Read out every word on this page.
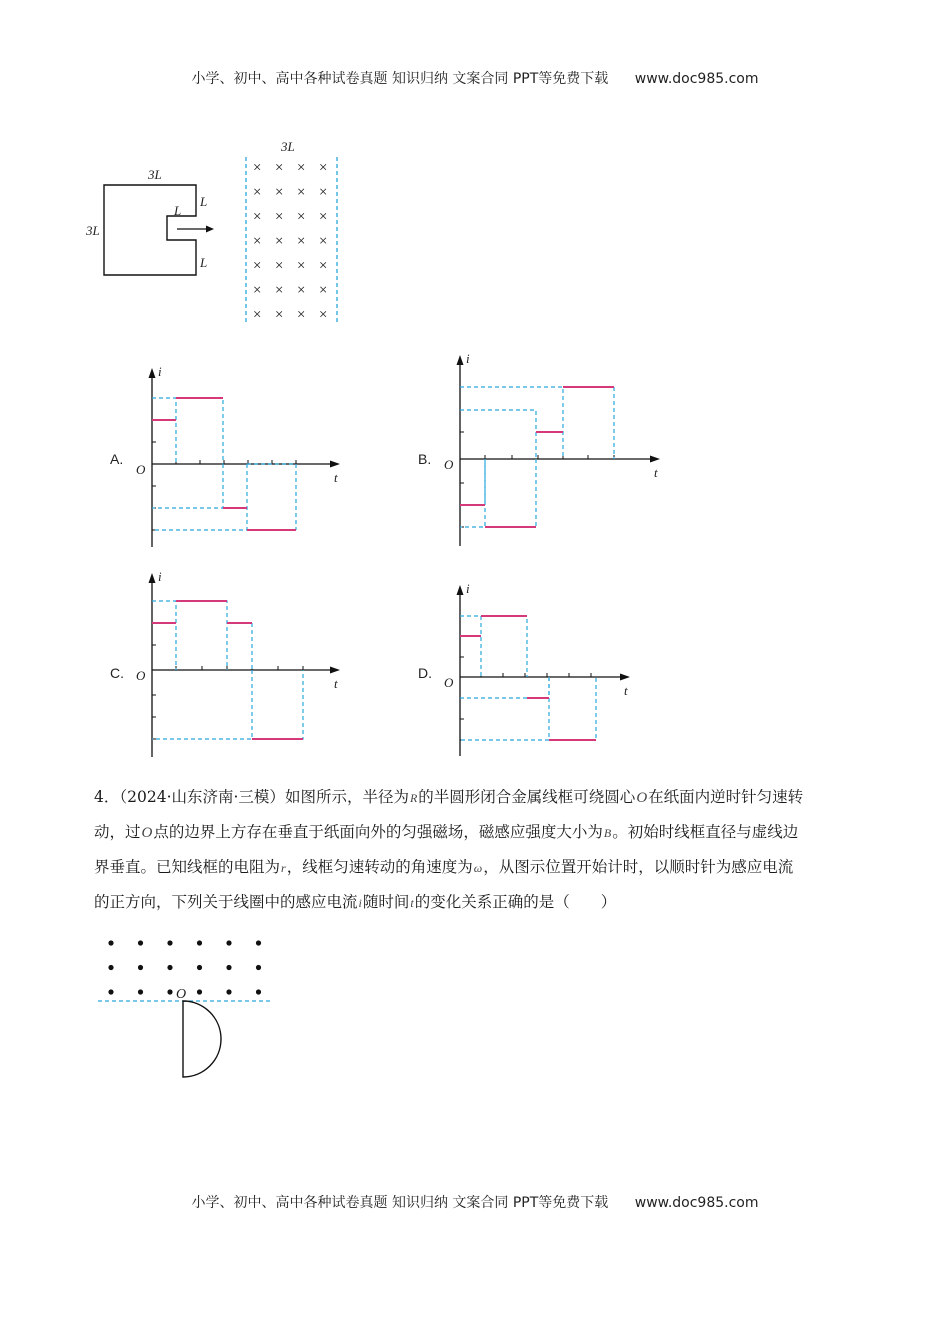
小学、初中、高中各种试卷真题 知识归纳 文案合同 PPT等免费下载 www.doc985.com
3L
3L
L
L
L
3L
× × × ×
× × × ×
× × × ×
× × × ×
× × × ×
× × × ×
× × × ×
A.
i
t
O
B.
i
t
O
C.
i
t
O	D.
i
t
O
4．（2024·山东济南·三模）如图所示，半径为R的半圆形闭合金属线框可绕圆心O在纸面内逆时针匀速转
动，过O点的边界上方存在垂直于纸面向外的匀强磁场，磁感应强度大小为B。初始时线框直径与虚线边
界垂直。已知线框的电阻为r，线框匀速转动的角速度为ω，从图示位置开始计时，以顺时针为感应电流
的正方向，下列关于线圈中的感应电流i随时间t的变化关系正确的是（　　）
O
小学、初中、高中各种试卷真题 知识归纳 文案合同 PPT等免费下载 www.doc985.com
